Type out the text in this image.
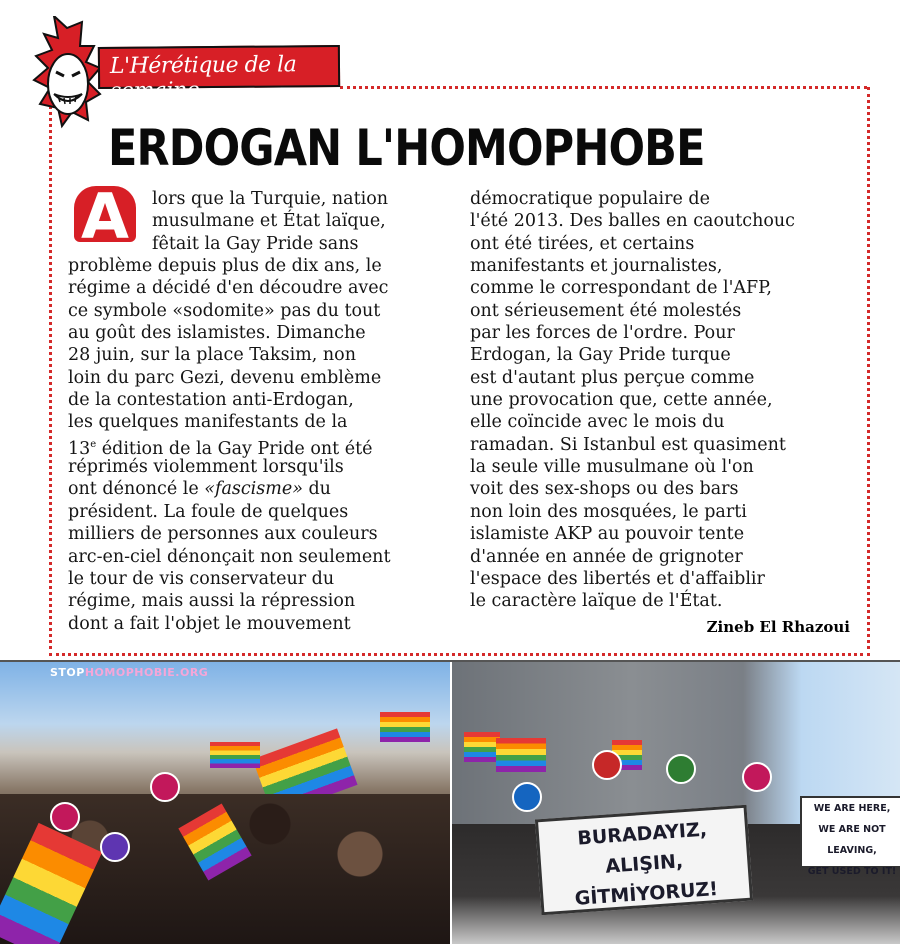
L'Hérétique de la semaine
ERDOGAN L'HOMOPHOBE
A	lors que la Turquie, nation
musulmane et État laïque,
fêtait la Gay Pride sans
problème depuis plus de dix ans, le
régime a décidé d'en découdre avec
ce symbole «sodomite» pas du tout
au goût des islamistes. Dimanche
28 juin, sur la place Taksim, non
loin du parc Gezi, devenu emblème
de la contestation anti-Erdogan,
les quelques manifestants de la
13e édition de la Gay Pride ont été
réprimés violemment lorsqu'ils
ont dénoncé le «fascisme» du
président. La foule de quelques
milliers de personnes aux couleurs
arc-en-ciel dénonçait non seulement
le tour de vis conservateur du
régime, mais aussi la répression
dont a fait l'objet le mouvement
démocratique populaire de
l'été 2013. Des balles en caoutchouc
ont été tirées, et certains
manifestants et journalistes,
comme le correspondant de l'AFP,
ont sérieusement été molestés
par les forces de l'ordre. Pour
Erdogan, la Gay Pride turque
est d'autant plus perçue comme
une provocation que, cette année,
elle coïncide avec le mois du
ramadan. Si Istanbul est quasiment
la seule ville musulmane où l'on
voit des sex-shops ou des bars
non loin des mosquées, le parti
islamiste AKP au pouvoir tente
d'année en année de grignoter
l'espace des libertés et d'affaiblir
le caractère laïque de l'État.
Zineb El Rhazoui
STOPHOMOPHOBIE.ORG
BURADAYIZ,
ALIŞIN,
GİTMİYORUZ!
WE ARE HERE,
WE ARE NOT LEAVING,
GET USED TO IT!
